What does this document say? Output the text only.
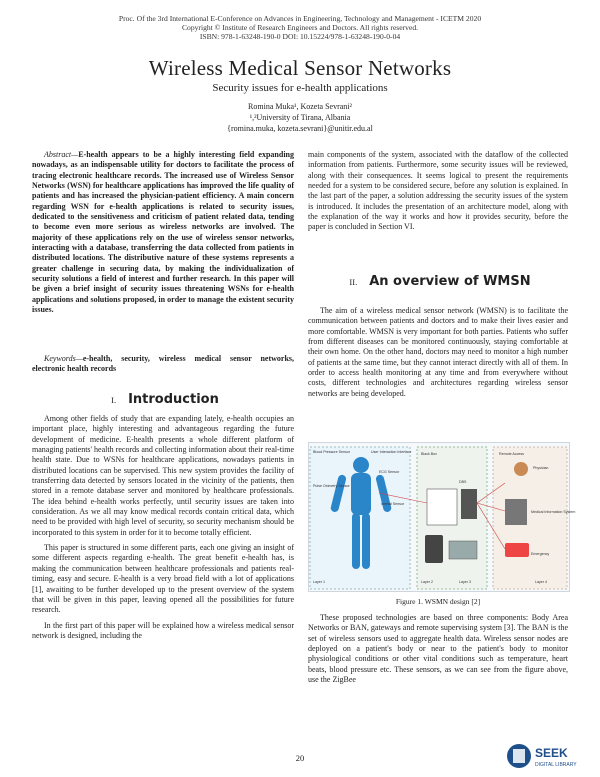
Proc. Of the 3rd International E-Conference on Advances in Engineering, Technology and Management - ICETM 2020
Copyright © Institute of Research Engineers and Doctors. All rights reserved.
ISBN: 978-1-63248-190-0 DOI: 10.15224/978-1-63248-190-0-04
Wireless Medical Sensor Networks
Security issues for e-health applications
Romina Muka¹, Kozeta Sevrani²
¹,²University of Tirana, Albania
{romina.muka, kozeta.sevrani}@unitir.edu.al

Abstract—E-health appears to be a highly interesting field expanding nowadays, as an indispensable utility for doctors to facilitate the process of tracing electronic healthcare records. The increased use of Wireless Sensor Networks (WSN) for healthcare applications has improved the life quality of patients and has increased the physician-patient efficiency. A main concern regarding WSN for e-health applications is related to security issues, dedicated to the sensitiveness and criticism of patient related data, tending to become even more serious as wireless networks are involved. The majority of these applications rely on the use of wireless sensor networks, interacting with a database, transferring the data collected from patients in distributed locations. The distributive nature of these systems represents a greater challenge in securing data, by making the individualization of security solutions a field of interest and further research. In this paper will be given a brief insight of security issues threatening WSNs for e-health applications and solutions proposed, in order to manage the existent security issues.

Keywords—e-health, security, wireless medical sensor networks, electronic health records

I. Introduction

Among other fields of study that are expanding lately, e-health occupies an important place, highly interesting and advantageous regarding the future development of medicine. E-health presents a whole different platform of managing patients' health records and collecting information about their real-time health state. Due to WSNs for healthcare applications, nowadays patients in distributed locations can be supervised. This new system provides the facility of transferring data detected by sensors located in the vicinity of the patients, then stored in a remote database server and monitored by healthcare professionals. The idea behind e-health works perfectly, until security issues are taken into consideration. As we all may know medical records contain critical data, which need to be provided with high level of security, so security mechanism should be incorporated to this system in order for it to become totally efficient.

This paper is structured in some different parts, each one giving an insight of some different aspects regarding e-health. The great benefit e-health has, is making the communication between healthcare professionals and patients real-timing, easy and secure. E-health is a very broad field with a lot of applications [1], awaiting to be further developed up to the present overview of the system that will be given in this paper, leaving opened all the possibilities for future research.

In the first part of this paper will be explained how a wireless medical sensor network is designed, including the

main components of the system, associated with the dataflow of the collected information from patients. Furthermore, some security issues will be reviewed, along with their consequences. It seems logical to present the requirements needed for a system to be considered secure, before any solution is explained. In the last part of the paper, a solution addressing the security issues of the system is introduced. It includes the presentation of an architecture model, along with the explanation of the way it works and how it provides security, before the paper is concluded in Section VI.

II. An overview of WMSN

The aim of a wireless medical sensor network (WMSN) is to facilitate the communication between patients and doctors and to make their lives easier and more comfortable. WMSN is very important for both parties. Patients who suffer from different diseases can be monitored continuously, staying comfortable at their own home. On the other hand, doctors may need to monitor a high number of patients at the same time, but they cannot interact directly with all of them. In order to access health monitoring at any time and from everywhere without costs, different technologies and architectures regarding wireless sensor networks are being developed.

Blood Pressure Sensor	User Interaction Interface
ECG Sensor
Pulse Oximetry Sensor
Inertial Sensor
Layer 1
Black Box
DBS
Layer 2	Layer 3
Remote Access
Physician
Medical Information System
Emergency
Layer 4
Figure 1. WSMN design [2]

These proposed technologies are based on three components: Body Area Networks or BAN, gateways and remote supervising system [3]. The BAN is the set of wireless sensors used to aggregate health data. Wireless sensor nodes are deployed on a patient's body or near to the patient's body to monitor physiological conditions or other vital conditions such as temperature, heart beats, blood pressure etc. These sensors, as we can see from the figure above, use the ZigBee

20	SEEK
DIGITAL LIBRARY
